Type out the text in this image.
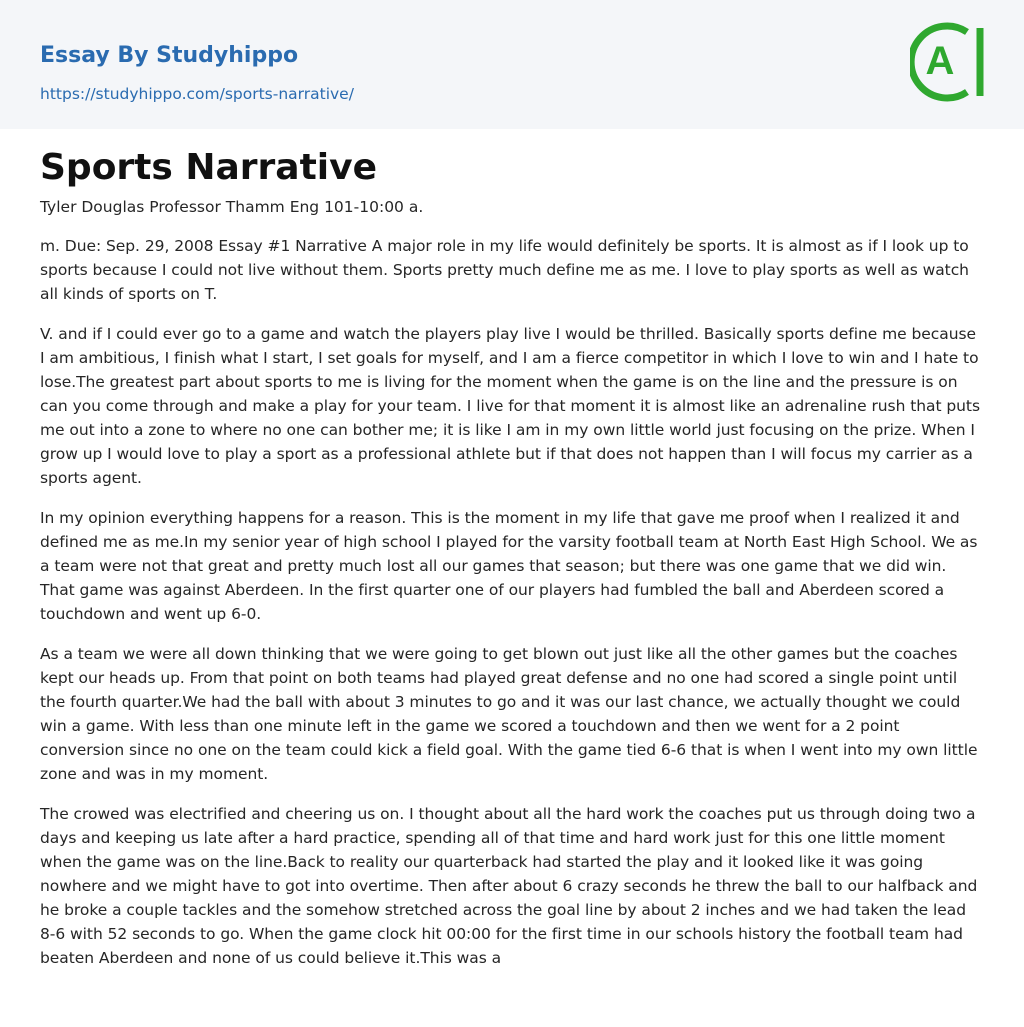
Essay By Studyhippo
https://studyhippo.com/sports-narrative/
A
Sports Narrative

Tyler Douglas Professor Thamm Eng 101-10:00 a.

m. Due: Sep. 29, 2008 Essay #1 Narrative A major role in my life would definitely be sports. It is almost as if I look up to sports because I could not live without them. Sports pretty much define me as me. I love to play sports as well as watch all kinds of sports on T.

V. and if I could ever go to a game and watch the players play live I would be thrilled. Basically sports define me because I am ambitious, I finish what I start, I set goals for myself, and I am a fierce competitor in which I love to win and I hate to lose.The greatest part about sports to me is living for the moment when the game is on the line and the pressure is on can you come through and make a play for your team. I live for that moment it is almost like an adrenaline rush that puts me out into a zone to where no one can bother me; it is like I am in my own little world just focusing on the prize. When I grow up I would love to play a sport as a professional athlete but if that does not happen than I will focus my carrier as a sports agent.

In my opinion everything happens for a reason. This is the moment in my life that gave me proof when I realized it and defined me as me.In my senior year of high school I played for the varsity football team at North East High School. We as a team were not that great and pretty much lost all our games that season; but there was one game that we did win. That game was against Aberdeen. In the first quarter one of our players had fumbled the ball and Aberdeen scored a touchdown and went up 6-0.

As a team we were all down thinking that we were going to get blown out just like all the other games but the coaches kept our heads up. From that point on both teams had played great defense and no one had scored a single point until the fourth quarter.We had the ball with about 3 minutes to go and it was our last chance, we actually thought we could win a game. With less than one minute left in the game we scored a touchdown and then we went for a 2 point conversion since no one on the team could kick a field goal. With the game tied 6-6 that is when I went into my own little zone and was in my moment.

The crowed was electrified and cheering us on. I thought about all the hard work the coaches put us through doing two a days and keeping us late after a hard practice, spending all of that time and hard work just for this one little moment when the game was on the line.Back to reality our quarterback had started the play and it looked like it was going nowhere and we might have to got into overtime. Then after about 6 crazy seconds he threw the ball to our halfback and he broke a couple tackles and the somehow stretched across the goal line by about 2 inches and we had taken the lead 8-6 with 52 seconds to go. When the game clock hit 00:00 for the first time in our schools history the football team had beaten Aberdeen and none of us could believe it.This was a
